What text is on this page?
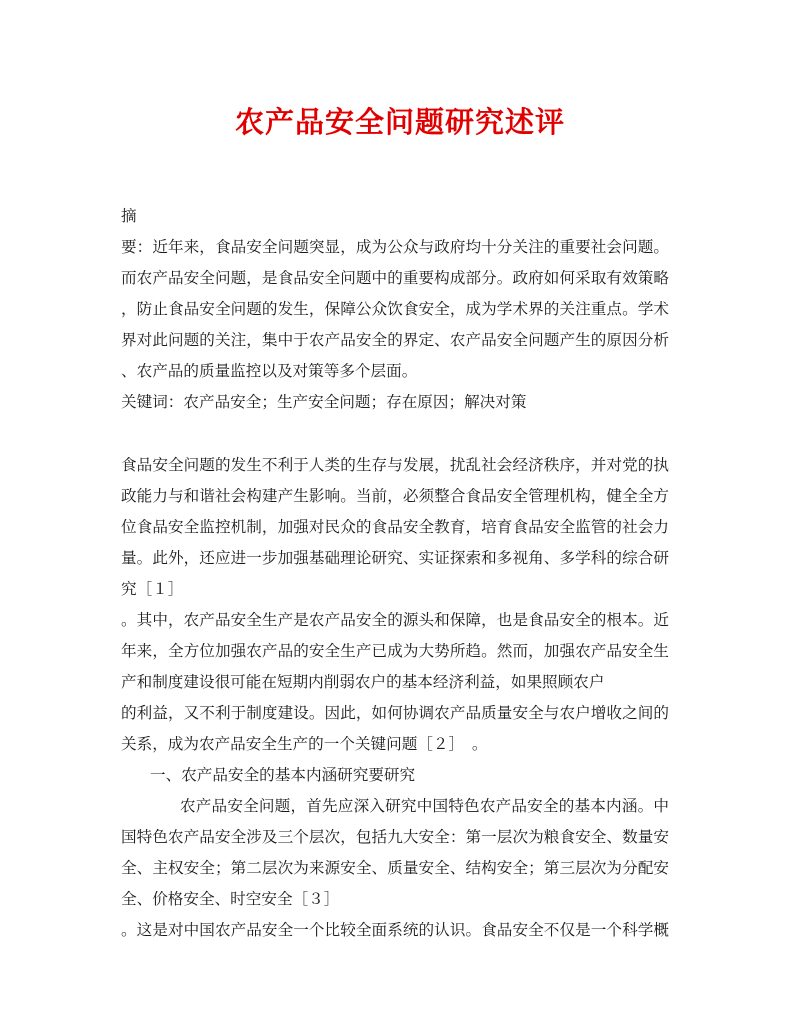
农产品安全问题研究述评
摘
要：近年来，食品安全问题突显，成为公众与政府均十分关注的重要社会问题。
而农产品安全问题，是食品安全问题中的重要构成部分。政府如何采取有效策略
，防止食品安全问题的发生，保障公众饮食安全，成为学术界的关注重点。学术
界对此问题的关注，集中于农产品安全的界定、农产品安全问题产生的原因分析
、农产品的质量监控以及对策等多个层面。
关键词：农产品安全；生产安全问题；存在原因；解决对策
食品安全问题的发生不利于人类的生存与发展，扰乱社会经济秩序，并对党的执
政能力与和谐社会构建产生影响。当前，必须整合食品安全管理机构，健全全方
位食品安全监控机制，加强对民众的食品安全教育，培育食品安全监管的社会力
量。此外，还应进一步加强基础理论研究、实证探索和多视角、多学科的综合研
究［１］
。其中，农产品安全生产是农产品安全的源头和保障，也是食品安全的根本。近
年来，全方位加强农产品的安全生产已成为大势所趋。然而，加强农产品安全生
产和制度建设很可能在短期内削弱农户的基本经济利益，如果照顾农户
的利益，又不利于制度建设。因此，如何协调农产品质量安全与农户增收之间的
关系，成为农产品安全生产的一个关键问题［２］　。
一、农产品安全的基本内涵研究要研究
农产品安全问题，首先应深入研究中国特色农产品安全的基本内涵。中
国特色农产品安全涉及三个层次，包括九大安全：第一层次为粮食安全、数量安
全、主权安全；第二层次为来源安全、质量安全、结构安全；第三层次为分配安
全、价格安全、时空安全［３］
。这是对中国农产品安全一个比较全面系统的认识。食品安全不仅是一个科学概
